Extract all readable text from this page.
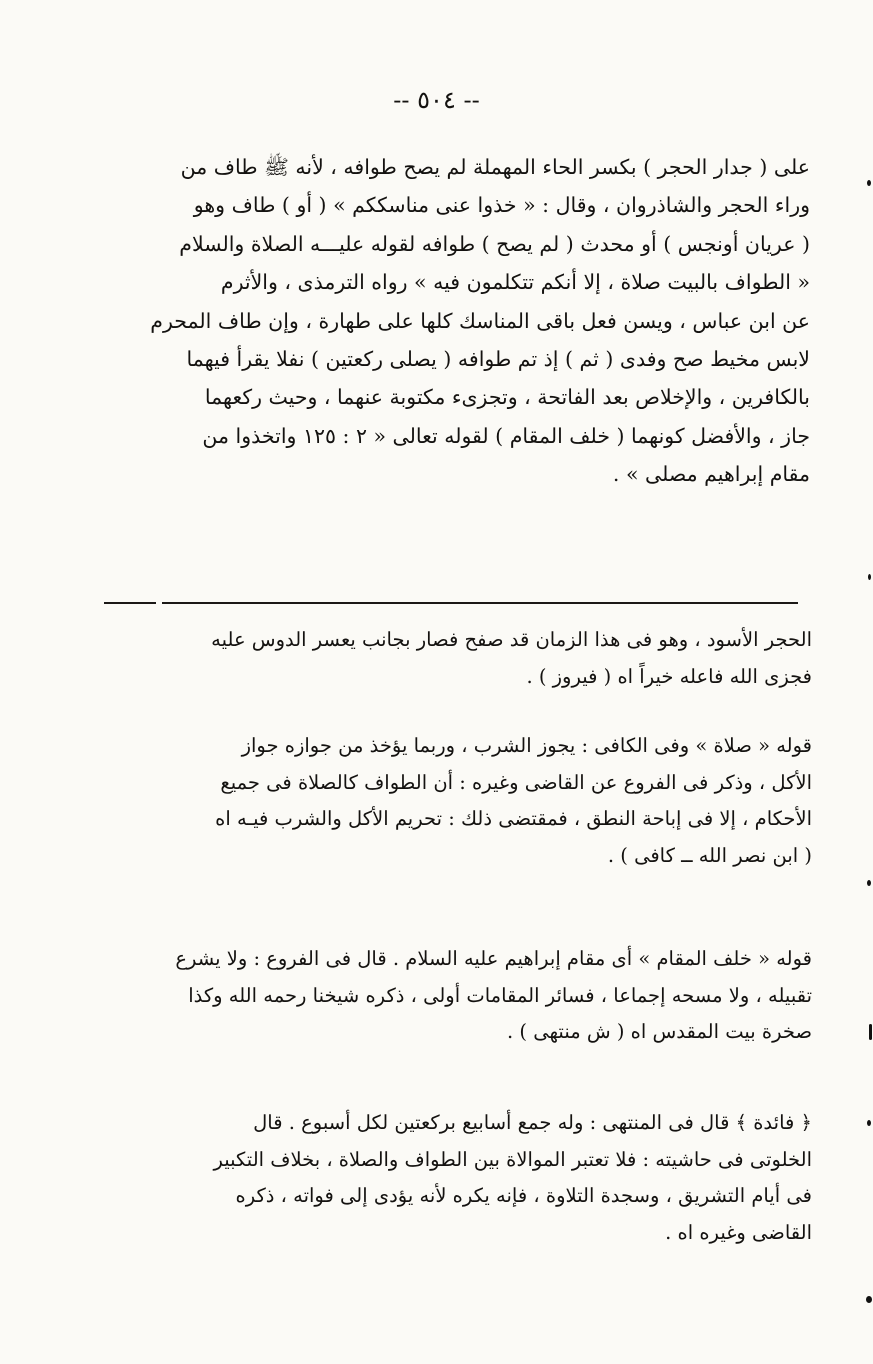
-- ٥٠٤ --
على ( جدار الحجر ) بكسر الحاء المهملة لم يصح طوافه ، لأنه ﷺ طاف من
وراء الحجر والشاذروان ، وقال : « خذوا عنى مناسككم » ( أو ) طاف وهو
( عريان أونجس ) أو محدث ( لم يصح ) طوافه لقوله عليـــه الصلاة والسلام
« الطواف بالبيت صلاة ، إلا أنكم تتكلمون فيه » رواه الترمذى ، والأثرم
عن ابن عباس ، ويسن فعل باقى المناسك كلها على طهارة ، وإن طاف المحرم
لابس مخيط صح وفدى ( ثم ) إذ تم طوافه ( يصلى ركعتين ) نفلا يقرأ فيهما
بالكافرين ، والإخلاص بعد الفاتحة ، وتجزىء مكتوبة عنهما ، وحيث ركعهما
جاز ، والأفضل كونهما ( خلف المقام ) لقوله تعالى « ٢ : ١٢٥ واتخذوا من
مقام إبراهيم مصلى » .
الحجر الأسود ، وهو فى هذا الزمان قد صفح فصار بجانب يعسر الدوس عليه
فجزى الله فاعله خيراً اه ( فيروز ) .
قوله « صلاة » وفى الكافى : يجوز الشرب ، وربما يؤخذ من جوازه جواز
الأكل ، وذكر فى الفروع عن القاضى وغيره : أن الطواف كالصلاة فى جميع
الأحكام ، إلا فى إباحة النطق ، فمقتضى ذلك : تحريم الأكل والشرب فيـه اه
( ابن نصر الله ــ كافى ) .
قوله « خلف المقام » أى مقام إبراهيم عليه السلام . قال فى الفروع : ولا يشرع
تقبيله ، ولا مسحه إجماعا ، فسائر المقامات أولى ، ذكره شيخنا رحمه الله وكذا
صخرة بيت المقدس اه ( ش منتهى ) .
﴿ فائدة ﴾ قال فى المنتهى : وله جمع أسابيع بركعتين لكل أسبوع . قال
الخلوتى فى حاشيته : فلا تعتبر الموالاة بين الطواف والصلاة ، بخلاف التكبير
فى أيام التشريق ، وسجدة التلاوة ، فإنه يكره لأنه يؤدى إلى فواته ، ذكره
القاضى وغيره اه .
